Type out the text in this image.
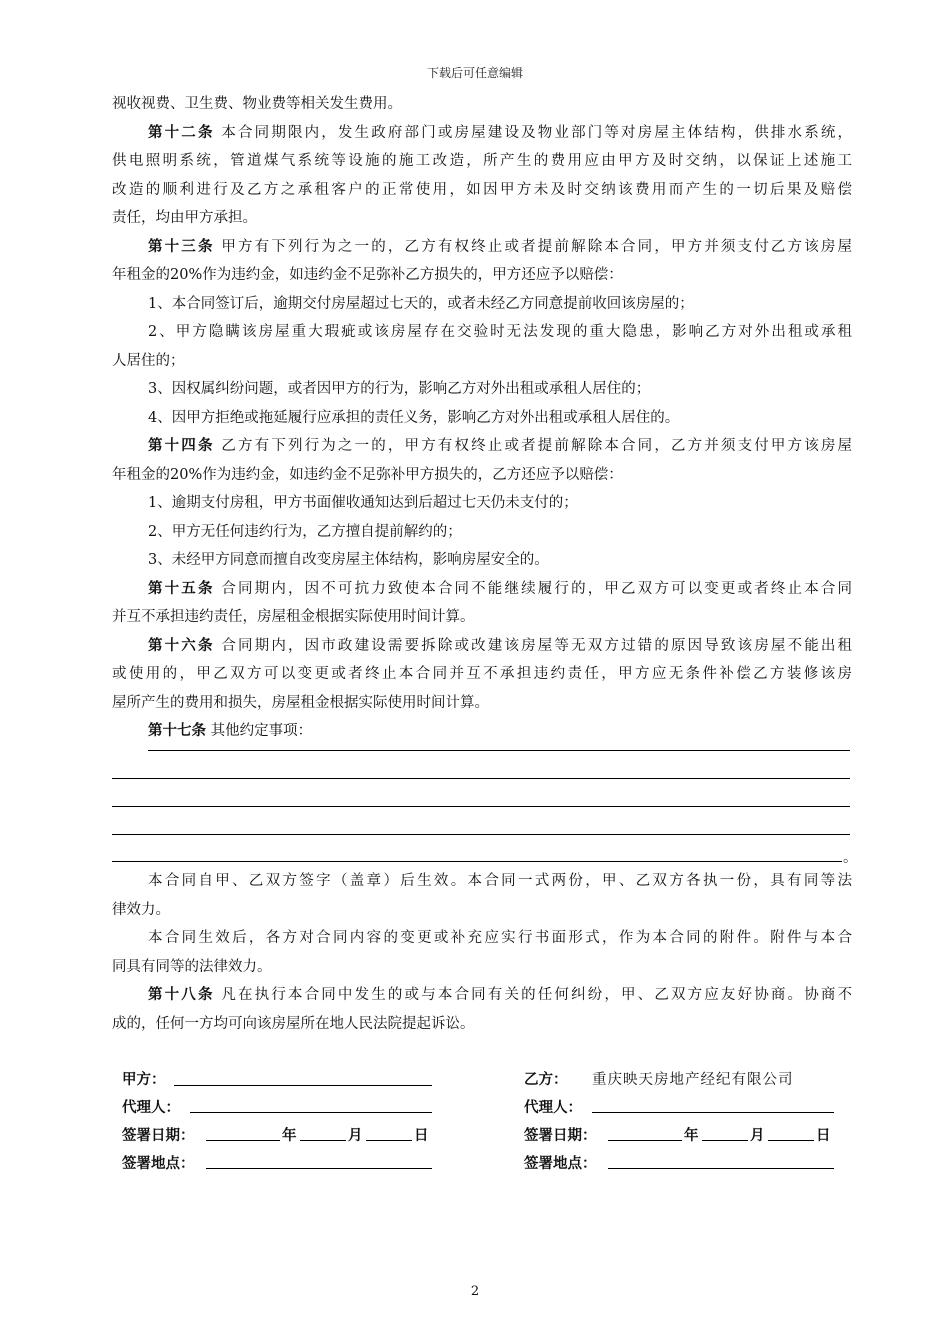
下载后可任意编辑
视收视费、卫生费、物业费等相关发生费用。
第十二条 本合同期限内，发生政府部门或房屋建设及物业部门等对房屋主体结构，供排水系统，
供电照明系统，管道煤气系统等设施的施工改造，所产生的费用应由甲方及时交纳，以保证上述施工
改造的顺利进行及乙方之承租客户的正常使用，如因甲方未及时交纳该费用而产生的一切后果及赔偿
责任，均由甲方承担。
第十三条 甲方有下列行为之一的，乙方有权终止或者提前解除本合同，甲方并须支付乙方该房屋
年租金的20%作为违约金，如违约金不足弥补乙方损失的，甲方还应予以赔偿：
1、本合同签订后，逾期交付房屋超过七天的，或者未经乙方同意提前收回该房屋的；
2、甲方隐瞒该房屋重大瑕疵或该房屋存在交验时无法发现的重大隐患，影响乙方对外出租或承租
人居住的；
3、因权属纠纷问题，或者因甲方的行为，影响乙方对外出租或承租人居住的；
4、因甲方拒绝或拖延履行应承担的责任义务，影响乙方对外出租或承租人居住的。
第十四条 乙方有下列行为之一的，甲方有权终止或者提前解除本合同，乙方并须支付甲方该房屋
年租金的20%作为违约金，如违约金不足弥补甲方损失的，乙方还应予以赔偿：
1、逾期支付房租，甲方书面催收通知达到后超过七天仍未支付的；
2、甲方无任何违约行为，乙方擅自提前解约的；
3、未经甲方同意而擅自改变房屋主体结构，影响房屋安全的。
第十五条 合同期内，因不可抗力致使本合同不能继续履行的，甲乙双方可以变更或者终止本合同
并互不承担违约责任，房屋租金根据实际使用时间计算。
第十六条 合同期内，因市政建设需要拆除或改建该房屋等无双方过错的原因导致该房屋不能出租
或使用的，甲乙双方可以变更或者终止本合同并互不承担违约责任，甲方应无条件补偿乙方装修该房
屋所产生的费用和损失，房屋租金根据实际使用时间计算。
第十七条 其他约定事项：
。
本合同自甲、乙双方签字（盖章）后生效。本合同一式两份，甲、乙双方各执一份，具有同等法
律效力。
本合同生效后，各方对合同内容的变更或补充应实行书面形式，作为本合同的附件。附件与本合
同具有同等的法律效力。
第十八条 凡在执行本合同中发生的或与本合同有关的任何纠纷，甲、乙双方应友好协商。协商不
成的，任何一方均可向该房屋所在地人民法院提起诉讼。
甲方：
代理人：
签署日期：	年	月	日
签署地点：
乙方： 重庆映天房地产经纪有限公司
代理人：
签署日期：	年	月	日
签署地点：
2
